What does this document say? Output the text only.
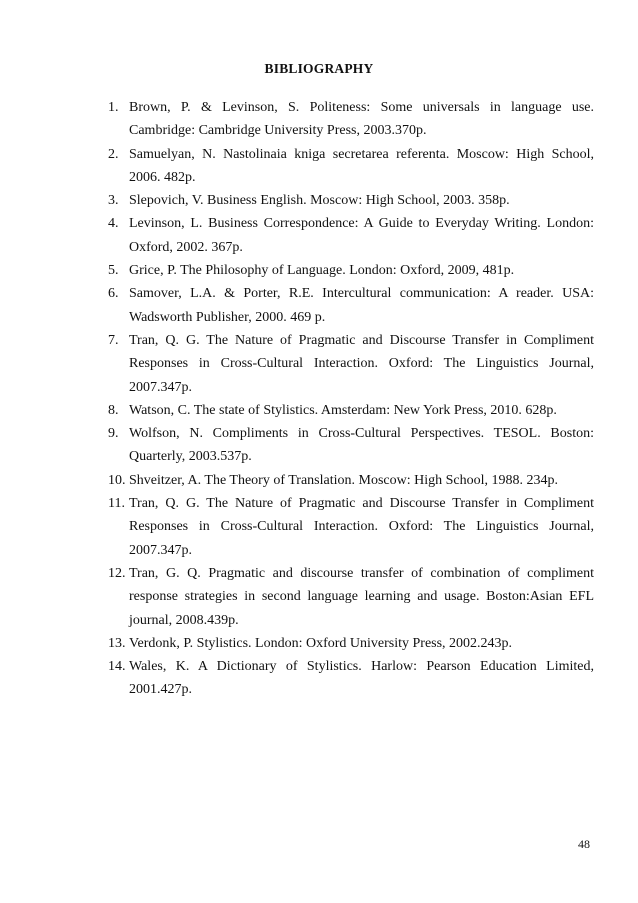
BIBLIOGRAPHY
1. Brown, P. & Levinson, S. Politeness: Some universals in language use. Cambridge: Cambridge University Press, 2003.370p.
2. Samuelyan, N. Nastolinaia kniga secretarea referenta. Moscow: High School, 2006. 482p.
3. Slepovich, V. Business English. Moscow: High School, 2003. 358p.
4. Levinson, L. Business Correspondence: A Guide to Everyday Writing. London: Oxford, 2002. 367p.
5. Grice, P. The Philosophy of Language. London: Oxford, 2009, 481p.
6. Samover, L.A. & Porter, R.E. Intercultural communication: A reader. USA: Wadsworth Publisher, 2000. 469 p.
7. Tran, Q. G. The Nature of Pragmatic and Discourse Transfer in Compliment Responses in Cross-Cultural Interaction. Oxford: The Linguistics Journal, 2007.347p.
8. Watson, C. The state of Stylistics. Amsterdam: New York Press, 2010. 628p.
9. Wolfson, N. Compliments in Cross-Cultural Perspectives. TESOL. Boston: Quarterly, 2003.537p.
10. Shveitzer, A. The Theory of Translation. Moscow: High School, 1988. 234p.
11. Tran, Q. G. The Nature of Pragmatic and Discourse Transfer in Compliment Responses in Cross-Cultural Interaction. Oxford: The Linguistics Journal, 2007.347p.
12. Tran, G. Q. Pragmatic and discourse transfer of combination of compliment response strategies in second language learning and usage. Boston:Asian EFL journal, 2008.439p.
13. Verdonk, P. Stylistics. London: Oxford University Press, 2002.243p.
14. Wales, K. A Dictionary of Stylistics. Harlow: Pearson Education Limited, 2001.427p.
48
